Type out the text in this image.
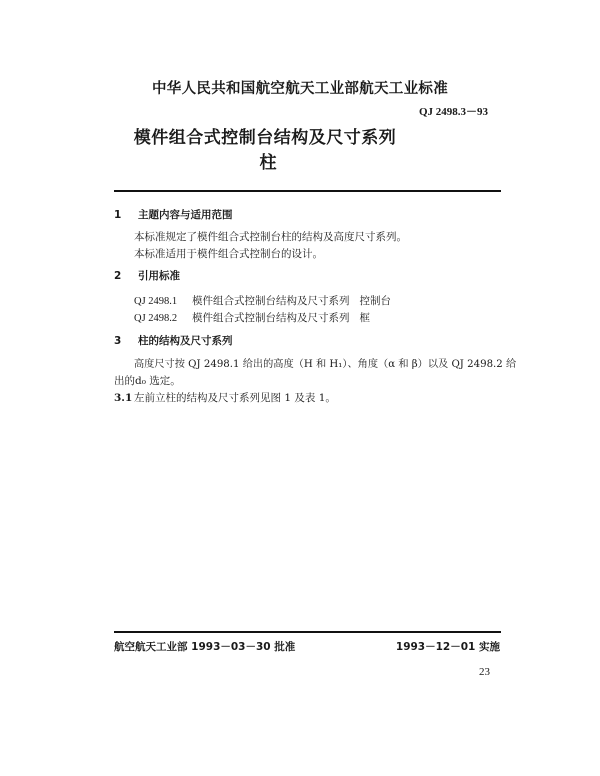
中华人民共和国航空航天工业部航天工业标准
QJ 2498.3－93
模件组合式控制台结构及尺寸系列
柱
1 主题内容与适用范围
本标准规定了模件组合式控制台柱的结构及高度尺寸系列。
本标准适用于模件组合式控制台的设计。
2 引用标准
QJ 2498.1 模件组合式控制台结构及尺寸系列 控制台
QJ 2498.2 模件组合式控制台结构及尺寸系列 框
3 柱的结构及尺寸系列
高度尺寸按 QJ 2498.1 给出的高度（H 和 H₁）、角度（α 和 β）以及 QJ 2498.2 给
出的d₀ 选定。
3.1 左前立柱的结构及尺寸系列见图 1 及表 1。
航空航天工业部 1993－03－30 批准	1993－12－01 实施
23
